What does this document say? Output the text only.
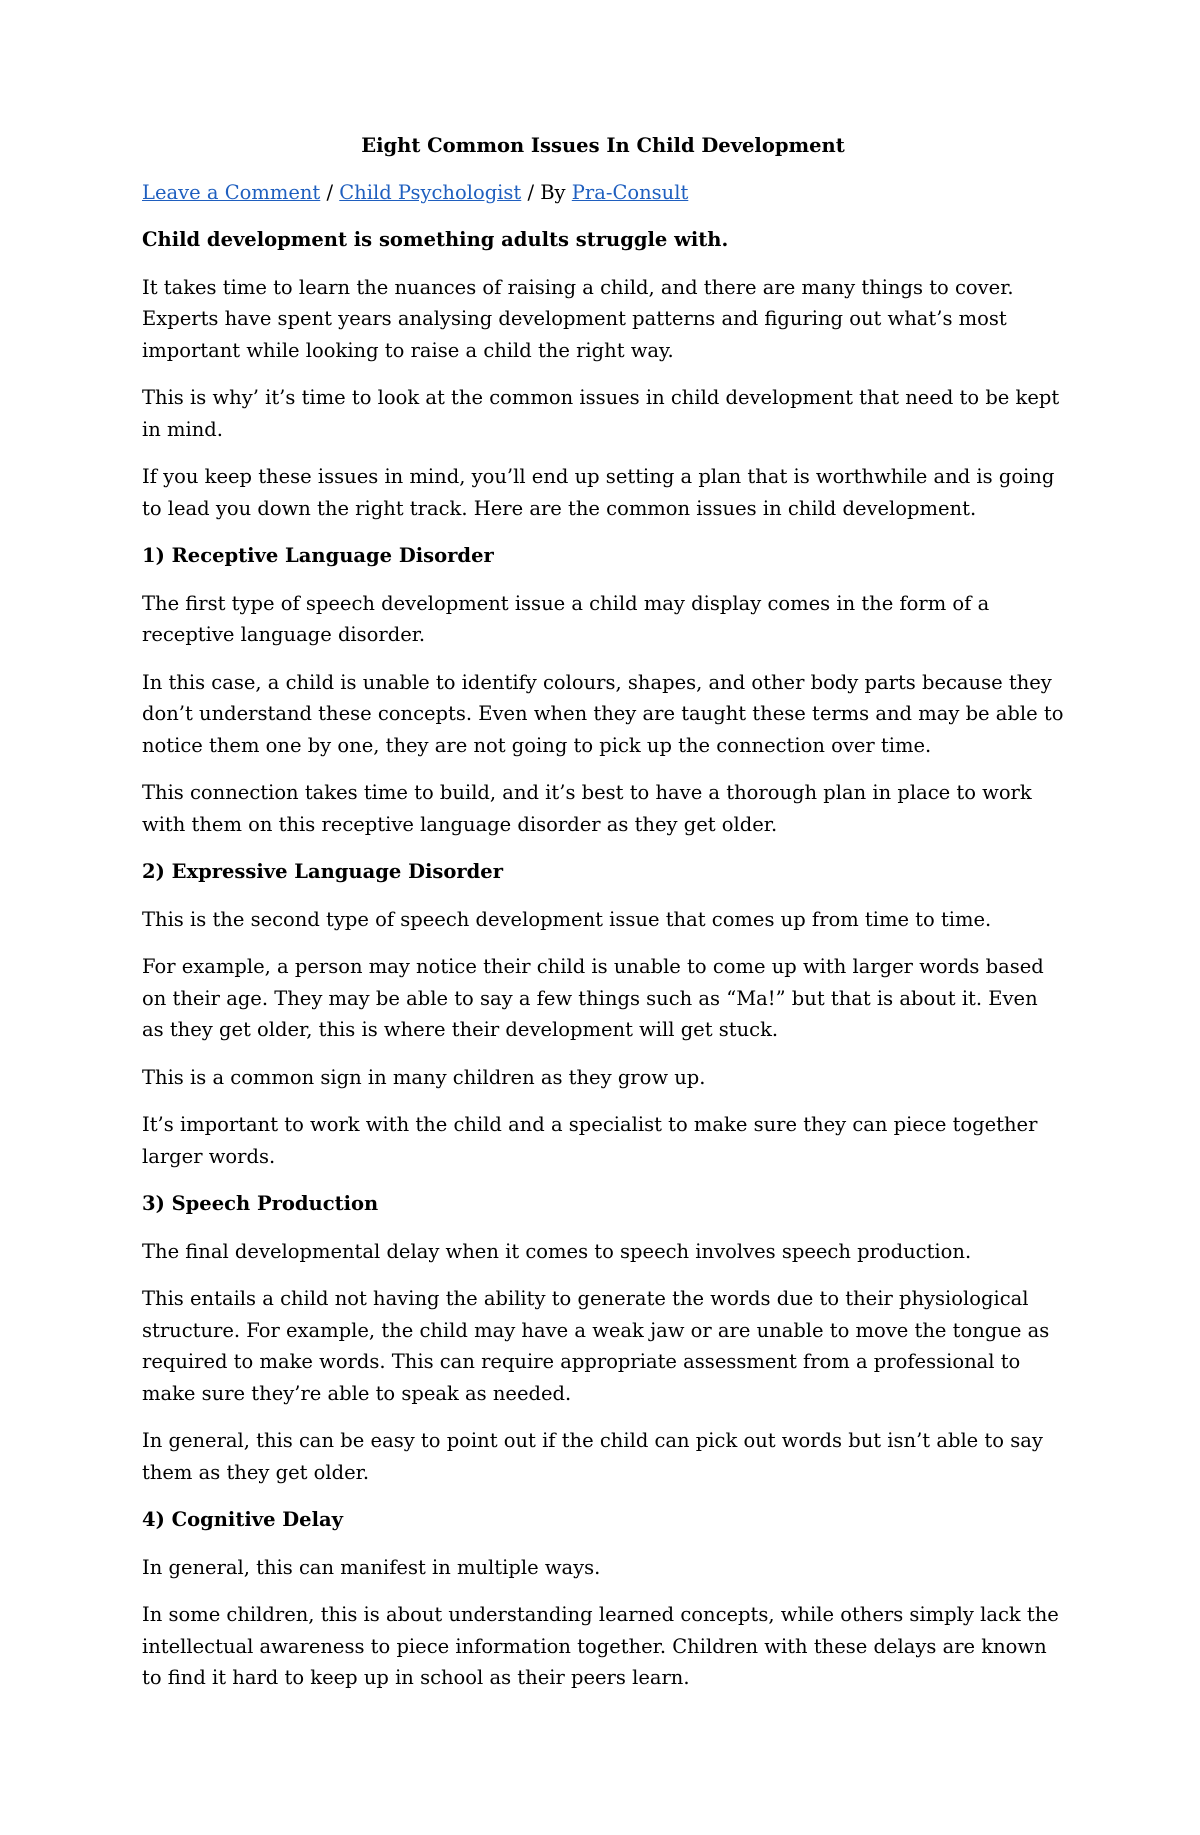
Eight Common Issues In Child Development
Leave a Comment / Child Psychologist / By Pra-Consult

Child development is something adults struggle with.

It takes time to learn the nuances of raising a child, and there are many things to cover. Experts have spent years analysing development patterns and figuring out what’s most important while looking to raise a child the right way.

This is why’ it’s time to look at the common issues in child development that need to be kept in mind.

If you keep these issues in mind, you’ll end up setting a plan that is worthwhile and is going to lead you down the right track. Here are the common issues in child development.

1) Receptive Language Disorder

The first type of speech development issue a child may display comes in the form of a receptive language disorder.

In this case, a child is unable to identify colours, shapes, and other body parts because they don’t understand these concepts. Even when they are taught these terms and may be able to notice them one by one, they are not going to pick up the connection over time.

This connection takes time to build, and it’s best to have a thorough plan in place to work with them on this receptive language disorder as they get older.

2) Expressive Language Disorder

This is the second type of speech development issue that comes up from time to time.

For example, a person may notice their child is unable to come up with larger words based on their age. They may be able to say a few things such as “Ma!” but that is about it. Even as they get older, this is where their development will get stuck.

This is a common sign in many children as they grow up.

It’s important to work with the child and a specialist to make sure they can piece together larger words.

3) Speech Production

The final developmental delay when it comes to speech involves speech production.

This entails a child not having the ability to generate the words due to their physiological structure. For example, the child may have a weak jaw or are unable to move the tongue as required to make words. This can require appropriate assessment from a professional to make sure they’re able to speak as needed.

In general, this can be easy to point out if the child can pick out words but isn’t able to say them as they get older.

4) Cognitive Delay

In general, this can manifest in multiple ways.

In some children, this is about understanding learned concepts, while others simply lack the intellectual awareness to piece information together. Children with these delays are known to find it hard to keep up in school as their peers learn.
